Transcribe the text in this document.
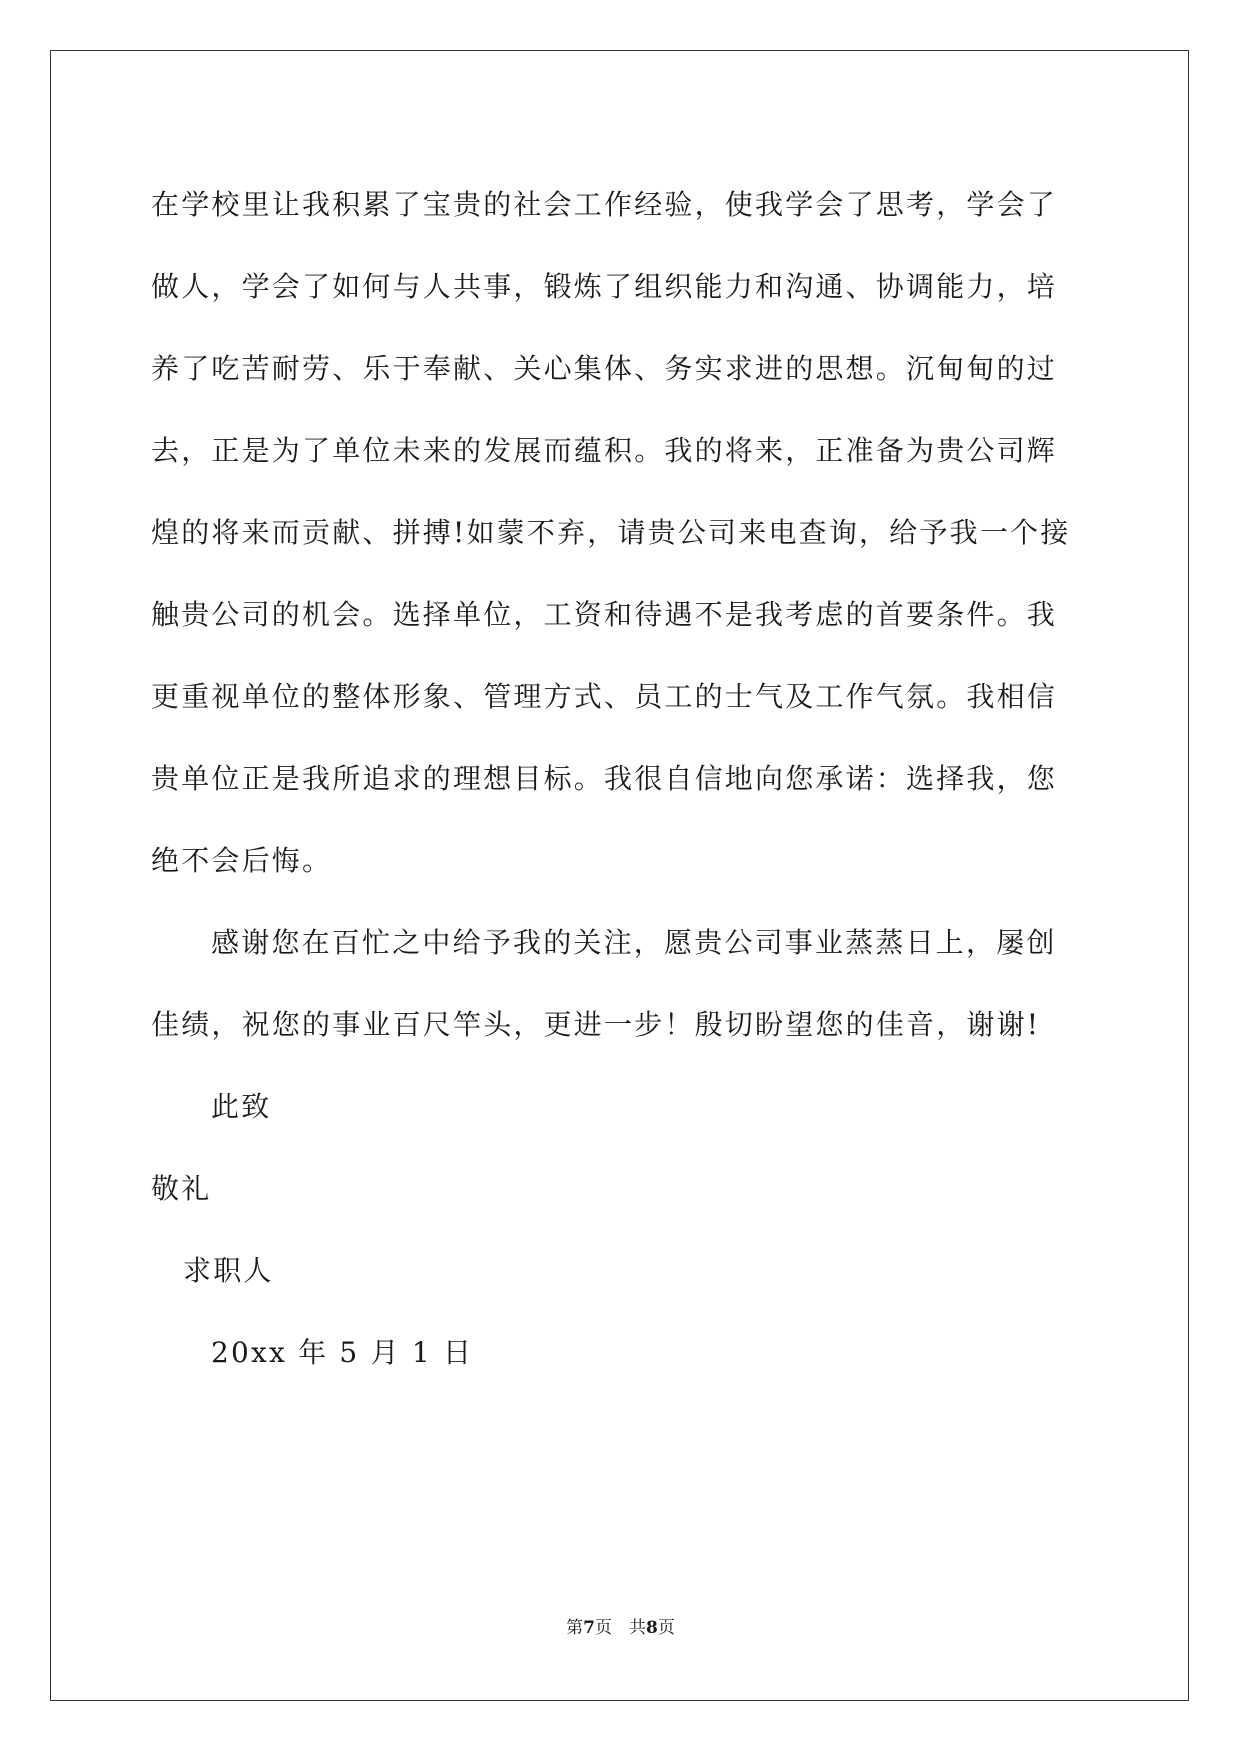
在学校里让我积累了宝贵的社会工作经验，使我学会了思考，学会了
做人，学会了如何与人共事，锻炼了组织能力和沟通、协调能力，培
养了吃苦耐劳、乐于奉献、关心集体、务实求进的思想。沉甸甸的过
去，正是为了单位未来的发展而蕴积。我的将来，正准备为贵公司辉
煌的将来而贡献、拼搏!如蒙不弃，请贵公司来电查询，给予我一个接
触贵公司的机会。选择单位，工资和待遇不是我考虑的首要条件。我
更重视单位的整体形象、管理方式、员工的士气及工作气氛。我相信
贵单位正是我所追求的理想目标。我很自信地向您承诺：选择我，您
绝不会后悔。
感谢您在百忙之中给予我的关注，愿贵公司事业蒸蒸日上，屡创
佳绩，祝您的事业百尺竿头，更进一步！殷切盼望您的佳音，谢谢!
此致
敬礼
求职人
20xx 年 5 月 1 日
第7页　共8页
